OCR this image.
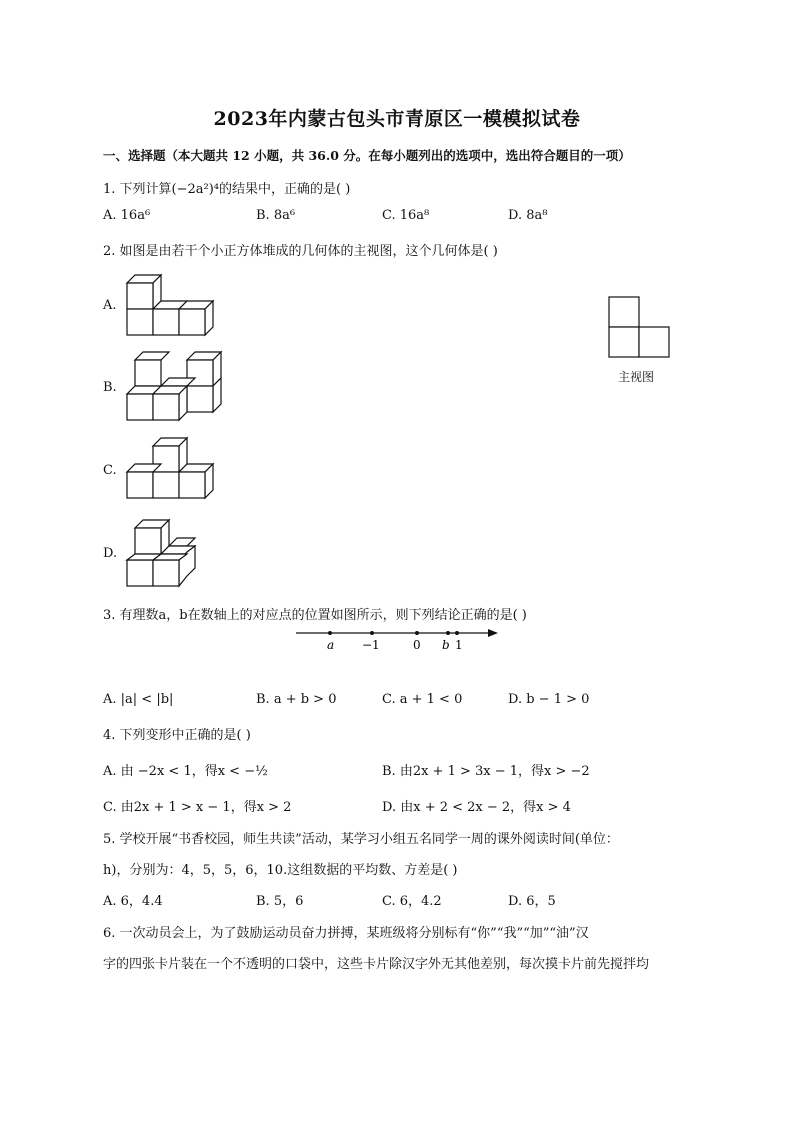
2023年内蒙古包头市青原区一模模拟试卷
一、选择题（本大题共 12 小题，共 36.0 分。在每小题列出的选项中，选出符合题目的一项）
1. 下列计算(−2a²)⁴的结果中，正确的是( )
A. 16a⁶	B. 8a⁶	C. 16a⁸	D. 8a⁸
2. 如图是由若干个小正方体堆成的几何体的主视图，这个几何体是( )
A.
B.
C.
D.
主视图
3. 有理数a，b在数轴上的对应点的位置如图所示，则下列结论正确的是( )
a −1	0 b 1
A. |a| < |b|	B. a + b > 0	C. a + 1 < 0	D. b − 1 > 0
4. 下列变形中正确的是( )
A. 由 −2x < 1，得x < −½	B. 由2x + 1 > 3x − 1，得x > −2
C. 由2x + 1 > x − 1，得x > 2	D. 由x + 2 < 2x − 2，得x > 4
5. 学校开展“书香校园，师生共读”活动，某学习小组五名同学一周的课外阅读时间(单位：
h)，分别为：4，5，5，6，10.这组数据的平均数、方差是( )
A. 6，4.4	B. 5，6	C. 6，4.2	D. 6，5
6. 一次动员会上，为了鼓励运动员奋力拼搏，某班级将分别标有“你”“我”“加”“油”汉
字的四张卡片装在一个不透明的口袋中，这些卡片除汉字外无其他差别，每次摸卡片前先搅拌均
